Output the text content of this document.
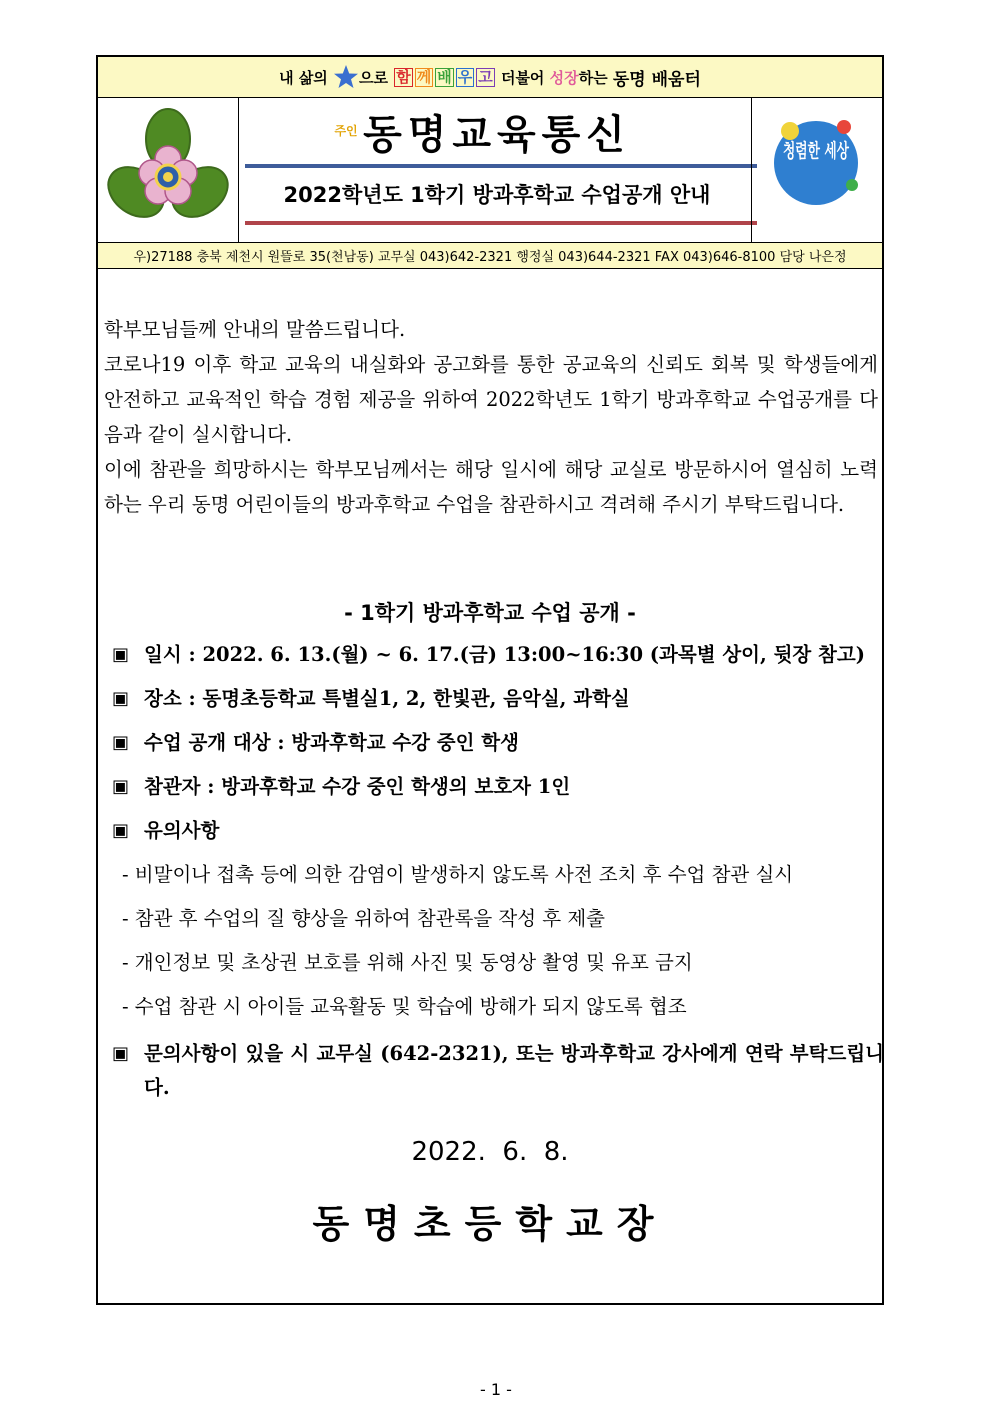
내 삶의

주인

으로 함 께 배 우 고 더불어 성장 하는 동명 배움터
동명교육통신
2022학년도 1학기 방과후학교 수업공개 안내
청렴한 세상
우)27188 충북 제천시 원뜰로 35(천남동) 교무실 043)642-2321 행정실 043)644-2321 FAX 043)646-8100 담당 나은정

학부모님들께 안내의 말씀드립니다.

코로나19 이후 학교 교육의 내실화와 공고화를 통한 공교육의 신뢰도 회복 및 학생들에게 안전하고 교육적인 학습 경험 제공을 위하여 2022학년도 1학기 방과후학교 수업공개를 다음과 같이 실시합니다.

이에 참관을 희망하시는 학부모님께서는 해당 일시에 해당 교실로 방문하시어 열심히 노력하는 우리 동명 어린이들의 방과후학교 수업을 참관하시고 격려해 주시기 부탁드립니다.

- 1학기 방과후학교 수업 공개 -
▣ 일시 : 2022. 6. 13.(월) ~ 6. 17.(금) 13:00~16:30 (과목별 상이, 뒷장 참고)
▣ 장소 : 동명초등학교 특별실1, 2, 한빛관, 음악실, 과학실
▣ 수업 공개 대상 : 방과후학교 수강 중인 학생
▣ 참관자 : 방과후학교 수강 중인 학생의 보호자 1인
▣ 유의사항
- 비말이나 접촉 등에 의한 감염이 발생하지 않도록 사전 조치 후 수업 참관 실시
- 참관 후 수업의 질 향상을 위하여 참관록을 작성 후 제출
- 개인정보 및 초상권 보호를 위해 사진 및 동영상 촬영 및 유포 금지
- 수업 참관 시 아이들 교육활동 및 학습에 방해가 되지 않도록 협조
▣ 문의사항이 있을 시 교무실 (642-2321), 또는 방과후학교 강사에게 연락 부탁드립니다.
2022.  6.  8.
동명초등학교장
- 1 -
